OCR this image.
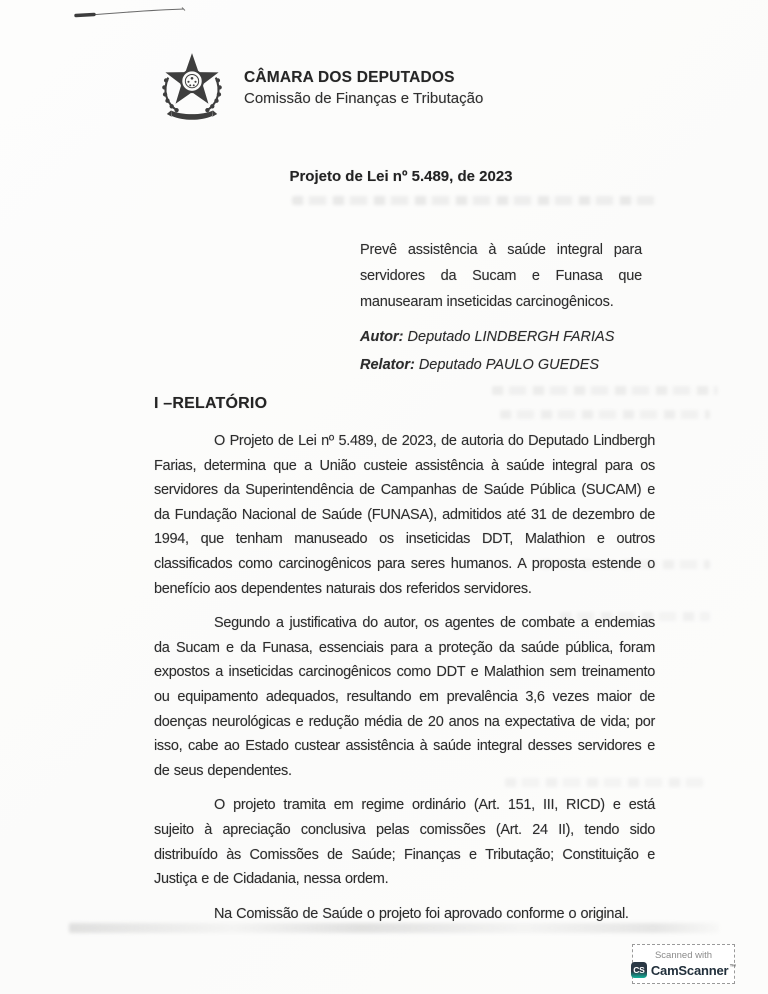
CÂMARA DOS DEPUTADOS
Comissão de Finanças e Tributação
Projeto de Lei nº 5.489, de 2023
Prevê assistência à saúde integral para servidores da Sucam e Funasa que manusearam inseticidas carcinogênicos.
Autor: Deputado LINDBERGH FARIAS
Relator: Deputado PAULO GUEDES
I –RELATÓRIO

O Projeto de Lei nº 5.489, de 2023, de autoria do Deputado Lindbergh Farias, determina que a União custeie assistência à saúde integral para os servidores da Superintendência de Campanhas de Saúde Pública (SUCAM) e da Fundação Nacional de Saúde (FUNASA), admitidos até 31 de dezembro de 1994, que tenham manuseado os inseticidas DDT, Malathion e outros classificados como carcinogênicos para seres humanos. A proposta estende o benefício aos dependentes naturais dos referidos servidores.

Segundo a justificativa do autor, os agentes de combate a endemias da Sucam e da Funasa, essenciais para a proteção da saúde pública, foram expostos a inseticidas carcinogênicos como DDT e Malathion sem treinamento ou equipamento adequados, resultando em prevalência 3,6 vezes maior de doenças neurológicas e redução média de 20 anos na expectativa de vida; por isso, cabe ao Estado custear assistência à saúde integral desses servidores e de seus dependentes.

O projeto tramita em regime ordinário (Art. 151, III, RICD) e está sujeito à apreciação conclusiva pelas comissões (Art. 24 II), tendo sido distribuído às Comissões de Saúde; Finanças e Tributação; Constituição e Justiça e de Cidadania, nessa ordem.

Na Comissão de Saúde o projeto foi aprovado conforme o original.

Scanned with
CS CamScanner™
